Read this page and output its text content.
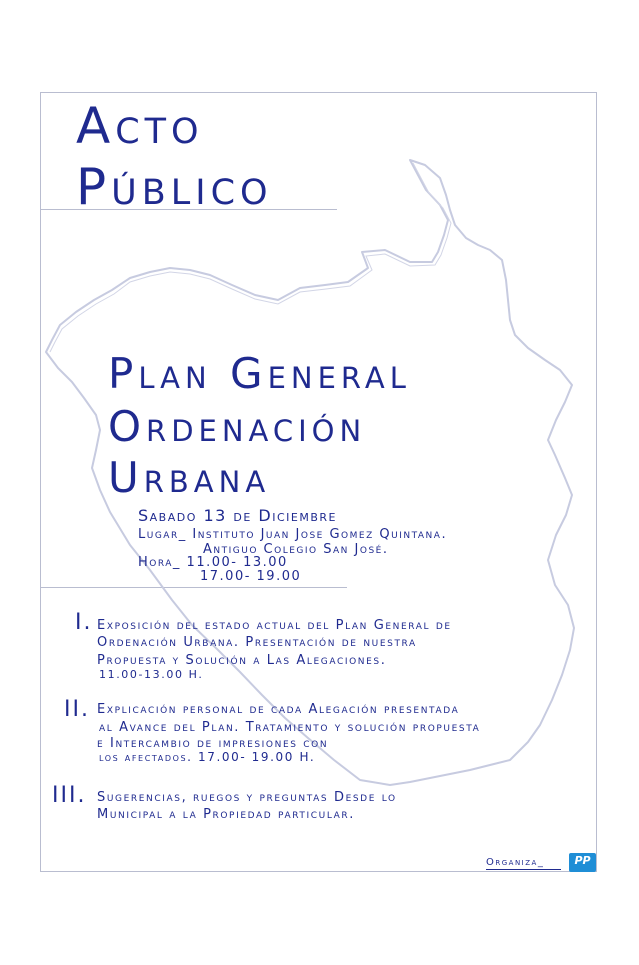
Acto
Público
Plan General
Ordenación
Urbana
Sabado 13 de Diciembre
Lugar_ Instituto Juan Jose Gomez Quintana.
Antiguo Colegio San José.
Hora_ 11.00- 13.00
17.00- 19.00
I. Exposición del estado actual del Plan General de
Ordenación Urbana. Presentación de nuestra
Propuesta y Solución a Las Alegaciones.
11.00-13.00 H.
II. Explicación personal de cada Alegación presentada
al Avance del Plan. Tratamiento y solución propuesta
e Intercambio de impresiones con
los afectados. 17.00- 19.00 H.
III. Sugerencias, ruegos y preguntas Desde lo
Municipal a la Propiedad particular.
Organiza_	PP
